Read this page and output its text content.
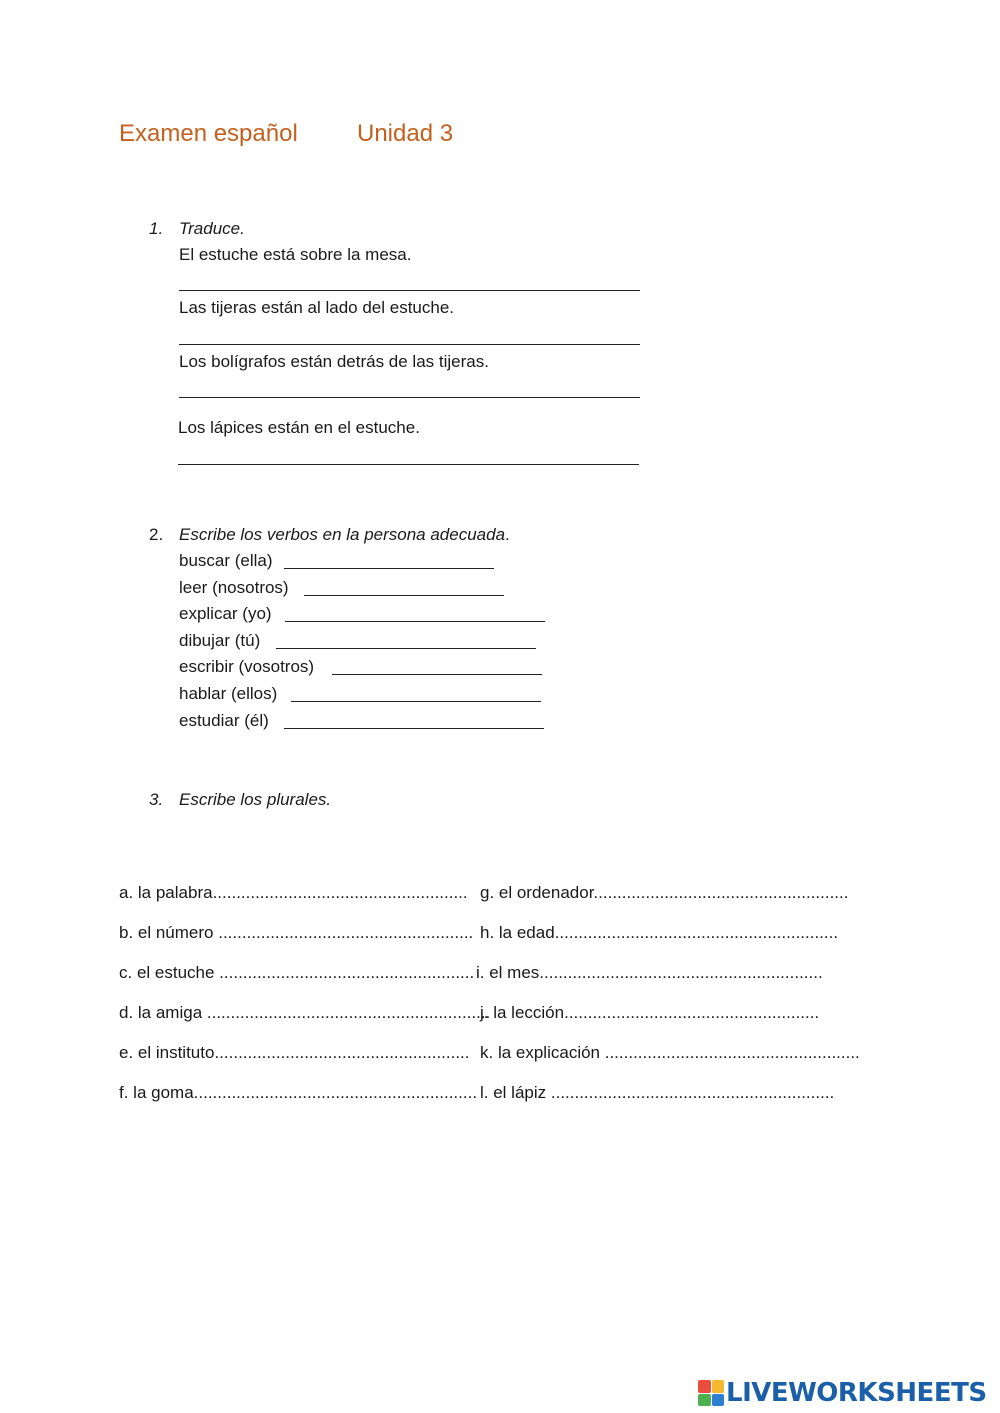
Examen español Unidad 3
1. Traduce.
El estuche está sobre la mesa.
Las tijeras están al lado del estuche.
Los bolígrafos están detrás de las tijeras.
Los lápices están en el estuche.
2. Escribe los verbos en la persona adecuada.
buscar (ella)
leer (nosotros)
explicar (yo)
dibujar (tú)
escribir (vosotros)
hablar (ellos)
estudiar (él)
3. Escribe los plurales.
a. la palabra......................................................
b. el número ......................................................
c. el estuche ......................................................
d. la amiga ............................................................
e. el instituto......................................................
f. la goma............................................................
g. el ordenador......................................................
h. la edad............................................................
i. el mes............................................................
j. la lección......................................................
k. la explicación ......................................................
l. el lápiz ............................................................
LIVEWORKSHEETS
